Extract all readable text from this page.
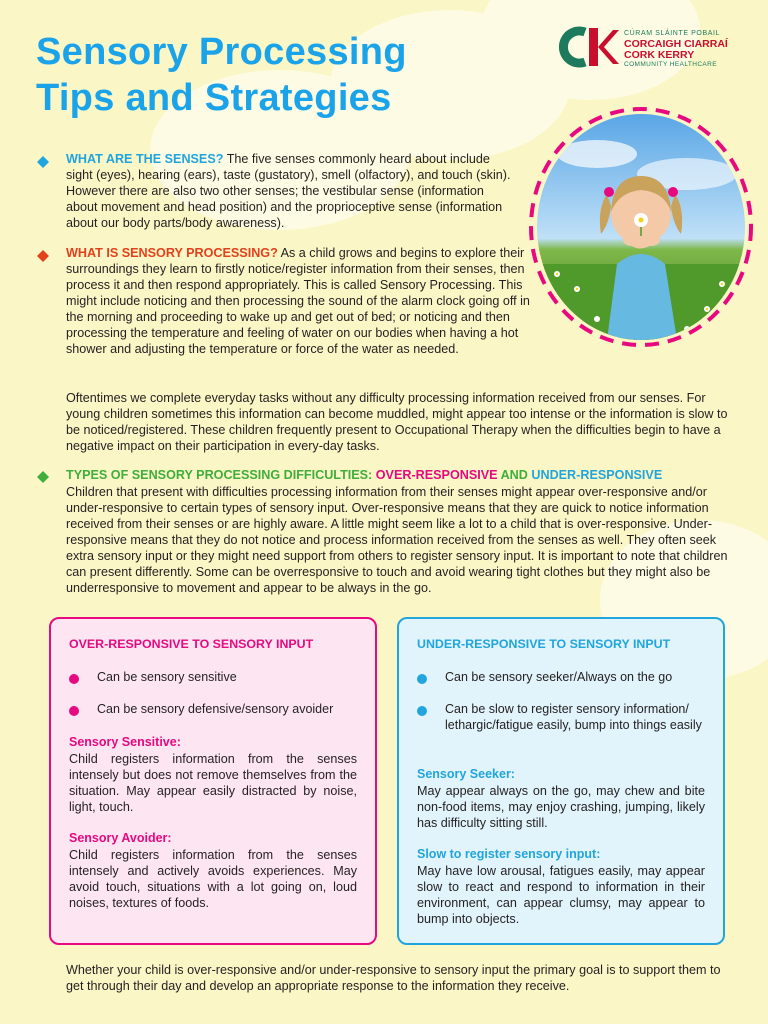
Sensory Processing
Tips and Strategies
CÚRAM SLÁINTE POBAIL
CORCAIGH CIARRAÍ
CORK KERRY
COMMUNITY HEALTHCARE

WHAT ARE THE SENSES? The five senses commonly heard about include sight (eyes), hearing (ears), taste (gustatory), smell (olfactory), and touch (skin). However there are also two other senses; the vestibular sense (information about movement and head position) and the proprioceptive sense (information about our body parts/body awareness).

WHAT IS SENSORY PROCESSING? As a child grows and begins to explore their surroundings they learn to firstly notice/register information from their senses, then process it and then respond appropriately. This is called Sensory Processing. This might include noticing and then processing the sound of the alarm clock going off in the morning and proceeding to wake up and get out of bed; or noticing and then processing the temperature and feeling of water on our bodies when having a hot shower and adjusting the temperature or force of the water as needed.

Oftentimes we complete everyday tasks without any difficulty processing information received from our senses. For young children sometimes this information can become muddled, might appear too intense or the information is slow to be noticed/registered. These children frequently present to Occupational Therapy when the difficulties begin to have a negative impact on their participation in every-day tasks.

TYPES OF SENSORY PROCESSING DIFFICULTIES: OVER-RESPONSIVE AND UNDER-RESPONSIVE

Children that present with difficulties processing information from their senses might appear over-responsive and/or under-responsive to certain types of sensory input. Over-responsive means that they are quick to notice information received from their senses or are highly aware. A little might seem like a lot to a child that is over-responsive. Under-responsive means that they do not notice and process information received from the senses as well. They often seek extra sensory input or they might need support from others to register sensory input. It is important to note that children can present differently. Some can be overresponsive to touch and avoid wearing tight clothes but they might also be underresponsive to movement and appear to be always in the go.

OVER-RESPONSIVE TO SENSORY INPUT
Can be sensory sensitive
Can be sensory defensive/sensory avoider
Sensory Sensitive:

Child registers information from the senses intensely but does not remove themselves from the situation. May appear easily distracted by noise, light, touch.

Sensory Avoider:

Child registers information from the senses intensely and actively avoids experiences. May avoid touch, situations with a lot going on, loud noises, textures of foods.

UNDER-RESPONSIVE TO SENSORY INPUT
Can be sensory seeker/Always on the go
Can be slow to register sensory information/ lethargic/fatigue easily, bump into things easily
Sensory Seeker:

May appear always on the go, may chew and bite non-food items, may enjoy crashing, jumping, likely has difficulty sitting still.

Slow to register sensory input:

May have low arousal, fatigues easily, may appear slow to react and respond to information in their environment, can appear clumsy, may appear to bump into objects.

Whether your child is over-responsive and/or under-responsive to sensory input the primary goal is to support them to get through their day and develop an appropriate response to the information they receive.
